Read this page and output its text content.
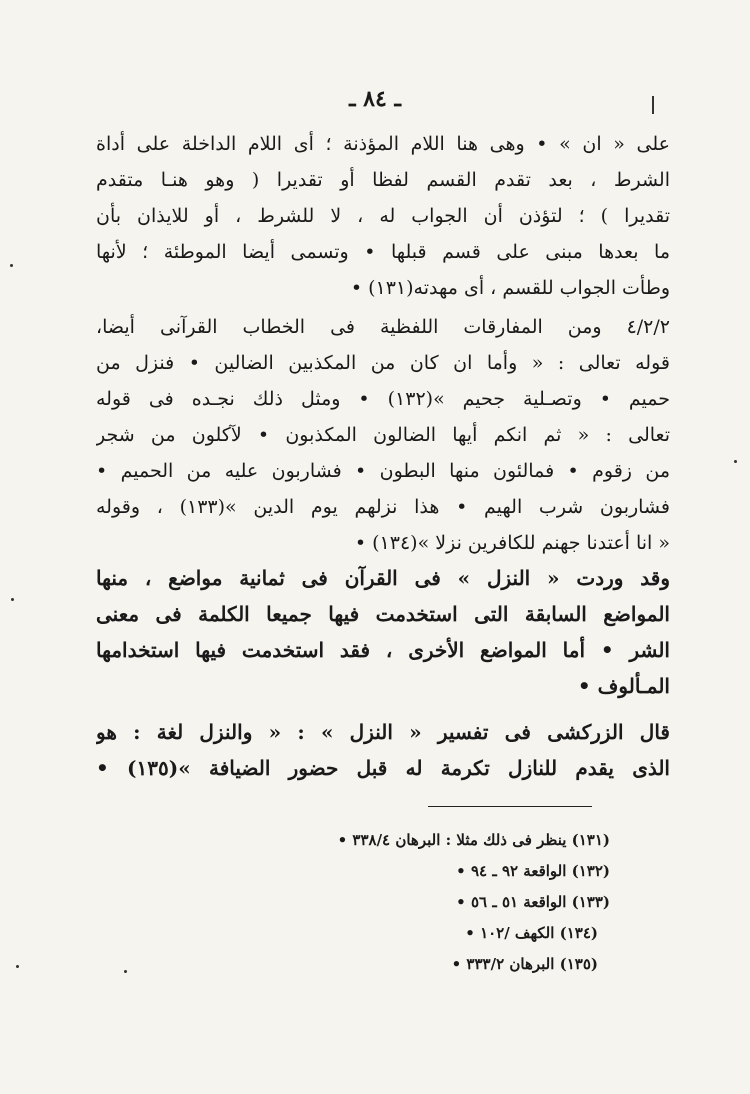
ـ ٨٤ ـ
على « ان » • وهى هنا اللام المؤذنة ؛ أى اللام الداخلة على أداة
الشرط ، بعد تقدم القسم لفظا أو تقديرا ( وهو هنـا متقدم
تقديرا ) ؛ لتؤذن أن الجواب له ، لا للشرط ، أو للايذان بأن
ما بعدها مبنى على قسم قبلها • وتسمى أيضا الموطئة ؛ لأنها
وطأت الجواب للقسم ، أى مهدته(١٣١) •
٤/٢/٢ ومن المفارقات اللفظية فى الخطاب القرآنى أيضا،
قوله تعالى : « وأما ان كان من المكذبين الضالين • فنزل من
حميم • وتصـلية جحيم »(١٣٢) • ومثل ذلك نجـده فى قوله
تعالى : « ثم انكم أيها الضالون المكذبون • لآكلون من شجر
من زقوم • فمالئون منها البطون • فشاربون عليه من الحميم •
فشاربون شرب الهيم • هذا نزلهم يوم الدين »(١٣٣) ، وقوله
« انا أعتدنا جهنم للكافرين نزلا »(١٣٤) •
وقد وردت « النزل » فى القرآن فى ثمانية مواضع ، منها
المواضع السابقة التى استخدمت فيها جميعا الكلمة فى معنى
الشر • أما المواضع الأخرى ، فقد استخدمت فيها استخدامها
المـألوف •
قال الزركشى فى تفسير « النزل » : « والنزل لغة : هو
الذى يقدم للنازل تكرمة له قبل حضور الضيافة »(١٣٥) •
(١٣١) ينظر فى ذلك مثلا : البرهان ٣٣٨/٤ •
(١٣٢) الواقعة ٩٢ ـ ٩٤ •
(١٣٣) الواقعة ٥١ ـ ٥٦ •
(١٣٤) الكهف /١٠٢ •
(١٣٥) البرهان ٣٣٣/٢ •
